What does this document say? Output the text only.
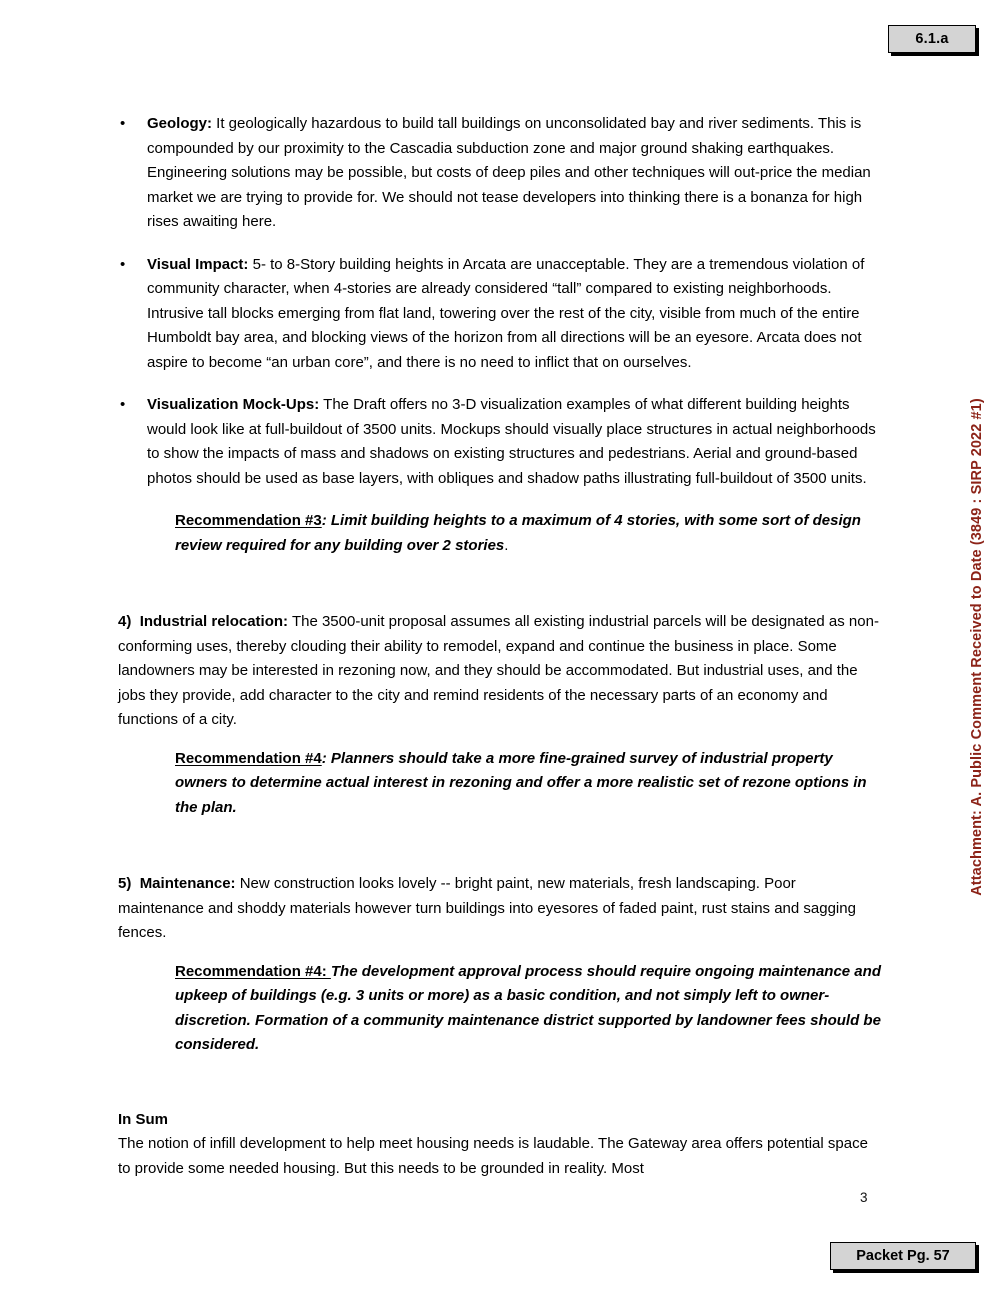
6.1.a
Attachment: A. Public Comment Received to Date (3849 : SIRP 2022 #1)
•	Geology: It geologically hazardous to build tall buildings on unconsolidated bay and river sediments. This is compounded by our proximity to the Cascadia subduction zone and major ground shaking earthquakes. Engineering solutions may be possible, but costs of deep piles and other techniques will out-price the median market we are trying to provide for. We should not tease developers into thinking there is a bonanza for high rises awaiting here.
•	Visual Impact: 5- to 8-Story building heights in Arcata are unacceptable. They are a tremendous violation of community character, when 4-stories are already considered “tall” compared to existing neighborhoods. Intrusive tall blocks emerging from flat land, towering over the rest of the city, visible from much of the entire Humboldt bay area, and blocking views of the horizon from all directions will be an eyesore. Arcata does not aspire to become “an urban core”, and there is no need to inflict that on ourselves.
•	Visualization Mock-Ups: The Draft offers no 3-D visualization examples of what different building heights would look like at full-buildout of 3500 units. Mockups should visually place structures in actual neighborhoods to show the impacts of mass and shadows on existing structures and pedestrians. Aerial and ground-based photos should be used as base layers, with obliques and shadow paths illustrating full-buildout of 3500 units.
Recommendation #3: Limit building heights to a maximum of 4 stories, with some sort of design review required for any building over 2 stories.

4) Industrial relocation: The 3500-unit proposal assumes all existing industrial parcels will be designated as non-conforming uses, thereby clouding their ability to remodel, expand and continue the business in place. Some landowners may be interested in rezoning now, and they should be accommodated. But industrial uses, and the jobs they provide, add character to the city and remind residents of the necessary parts of an economy and functions of a city.

Recommendation #4: Planners should take a more fine-grained survey of industrial property owners to determine actual interest in rezoning and offer a more realistic set of rezone options in the plan.

5) Maintenance: New construction looks lovely -- bright paint, new materials, fresh landscaping. Poor maintenance and shoddy materials however turn buildings into eyesores of faded paint, rust stains and sagging fences.

Recommendation #4: The development approval process should require ongoing maintenance and upkeep of buildings (e.g. 3 units or more) as a basic condition, and not simply left to owner-discretion. Formation of a community maintenance district supported by landowner fees should be considered.

In Sum

The notion of infill development to help meet housing needs is laudable. The Gateway area offers potential space to provide some needed housing. But this needs to be grounded in reality. Most

3
Packet Pg. 57
